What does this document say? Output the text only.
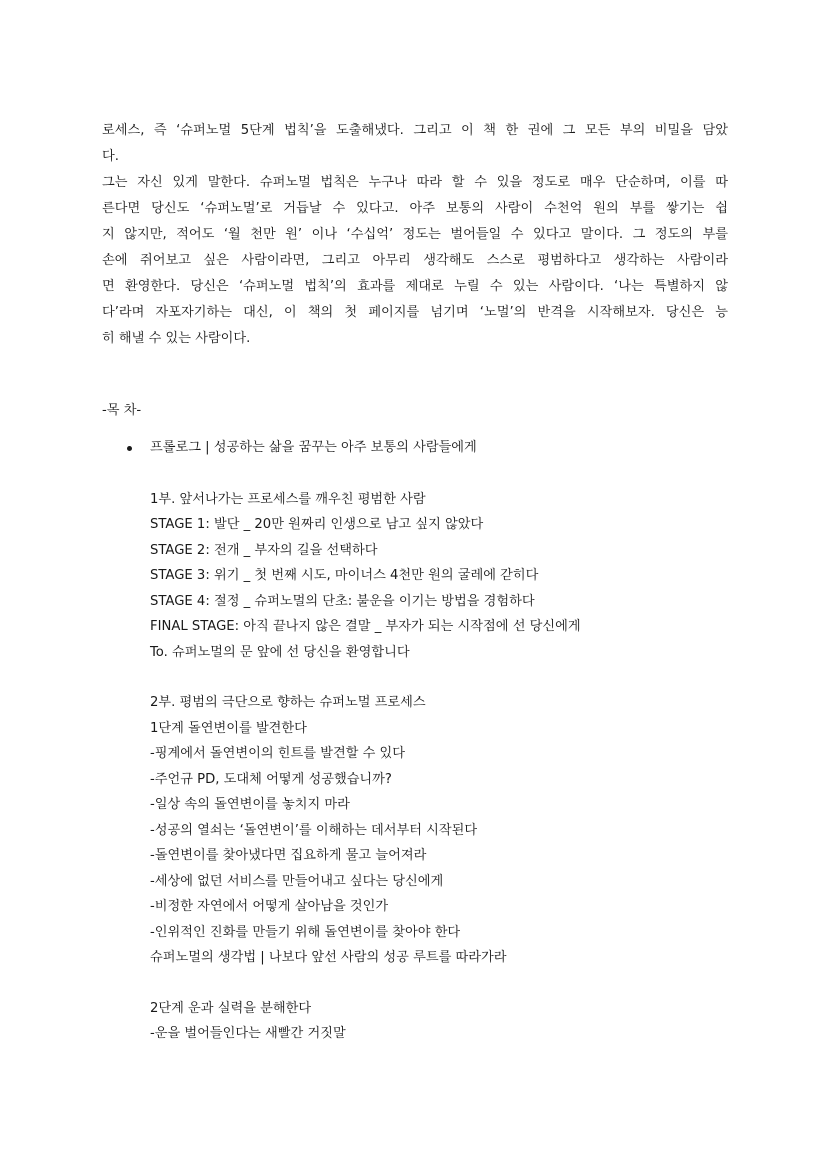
로세스, 즉 ‘슈퍼노멀 5단계 법칙’을 도출해냈다. 그리고 이 책 한 권에 그 모든 부의 비밀을 담았
다.
그는 자신 있게 말한다. 슈퍼노멀 법칙은 누구나 따라 할 수 있을 정도로 매우 단순하며, 이를 따
른다면 당신도 ‘슈퍼노멀’로 거듭날 수 있다고. 아주 보통의 사람이 수천억 원의 부를 쌓기는 쉽
지 않지만, 적어도 ‘월 천만 원’ 이나 ‘수십억’ 정도는 벌어들일 수 있다고 말이다. 그 정도의 부를
손에 쥐어보고 싶은 사람이라면, 그리고 아무리 생각해도 스스로 평범하다고 생각하는 사람이라
면 환영한다. 당신은 ‘슈퍼노멀 법칙’의 효과를 제대로 누릴 수 있는 사람이다. ‘나는 특별하지 않
다’라며 자포자기하는 대신, 이 책의 첫 페이지를 넘기며 ‘노멀’의 반격을 시작해보자. 당신은 능
히 해낼 수 있는 사람이다.
-목 차-
프롤로그 | 성공하는 삶을 꿈꾸는 아주 보통의 사람들에게
1부. 앞서나가는 프로세스를 깨우친 평범한 사람
STAGE 1: 발단 _ 20만 원짜리 인생으로 남고 싶지 않았다
STAGE 2: 전개 _ 부자의 길을 선택하다
STAGE 3: 위기 _ 첫 번째 시도, 마이너스 4천만 원의 굴레에 갇히다
STAGE 4: 절정 _ 슈퍼노멀의 단초: 불운을 이기는 방법을 경험하다
FINAL STAGE: 아직 끝나지 않은 결말 _ 부자가 되는 시작점에 선 당신에게
To. 슈퍼노멀의 문 앞에 선 당신을 환영합니다
2부. 평범의 극단으로 향하는 슈퍼노멀 프로세스
1단계 돌연변이를 발견한다
-핑계에서 돌연변이의 힌트를 발견할 수 있다
-주언규 PD, 도대체 어떻게 성공했습니까?
-일상 속의 돌연변이를 놓치지 마라
-성공의 열쇠는 ‘돌연변이’를 이해하는 데서부터 시작된다
-돌연변이를 찾아냈다면 집요하게 물고 늘어져라
-세상에 없던 서비스를 만들어내고 싶다는 당신에게
-비정한 자연에서 어떻게 살아남을 것인가
-인위적인 진화를 만들기 위해 돌연변이를 찾아야 한다
슈퍼노멀의 생각법 | 나보다 앞선 사람의 성공 루트를 따라가라
2단계 운과 실력을 분해한다
-운을 벌어들인다는 새빨간 거짓말
